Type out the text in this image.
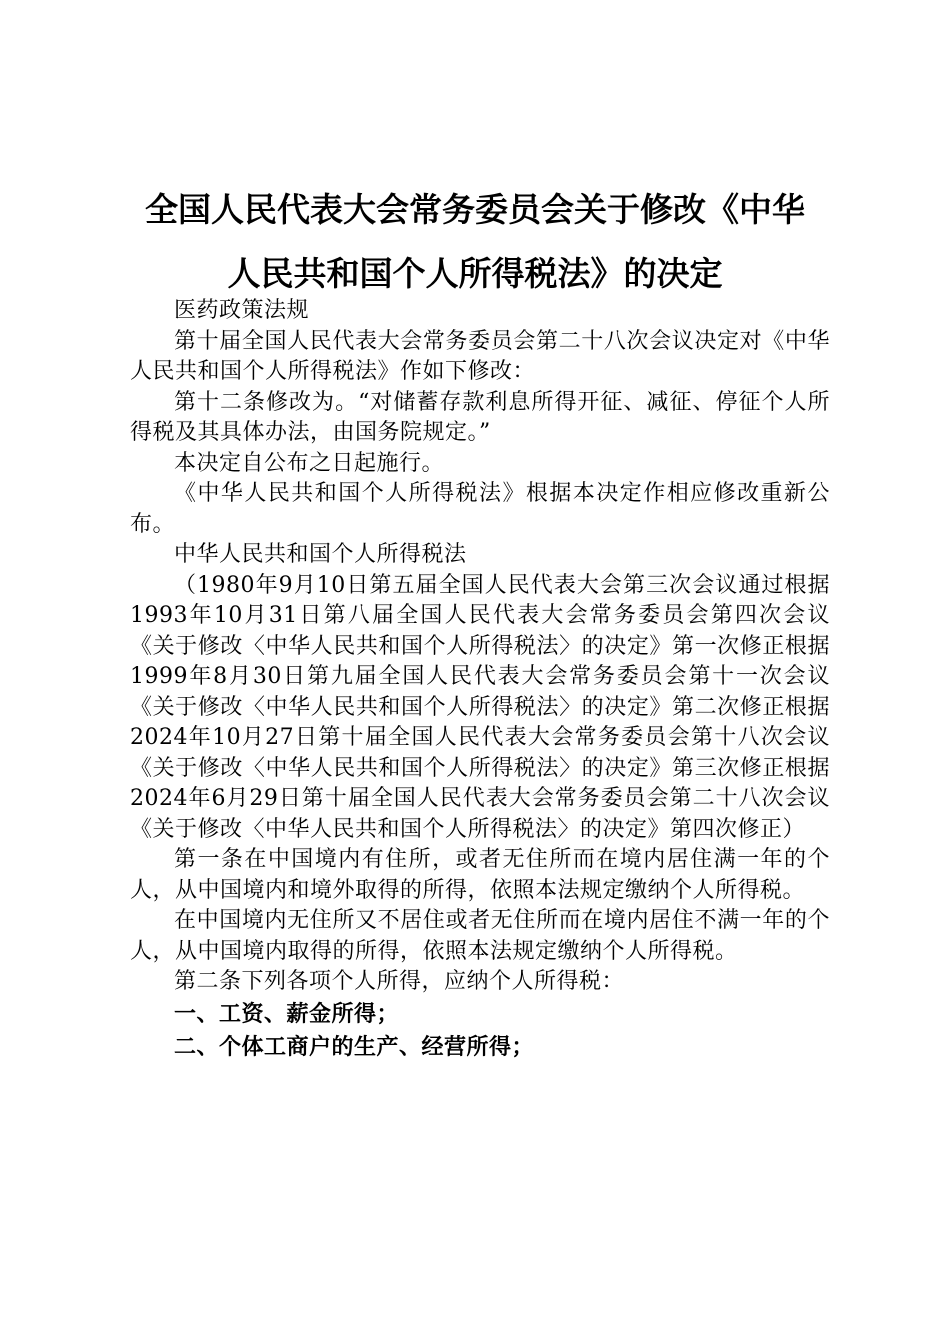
全国人民代表大会常务委员会关于修改《中华
人民共和国个人所得税法》的决定

医药政策法规

第十届全国人民代表大会常务委员会第二十八次会议决定对《中华人民共和国个人所得税法》作如下修改：

第十二条修改为。“对储蓄存款利息所得开征、减征、停征个人所得税及其具体办法，由国务院规定。”

本决定自公布之日起施行。

《中华人民共和国个人所得税法》根据本决定作相应修改重新公布。

中华人民共和国个人所得税法

（1980年9月10日第五届全国人民代表大会第三次会议通过根据1993年10月31日第八届全国人民代表大会常务委员会第四次会议《关于修改〈中华人民共和国个人所得税法〉的决定》第一次修正根据1999年8月30日第九届全国人民代表大会常务委员会第十一次会议《关于修改〈中华人民共和国个人所得税法〉的决定》第二次修正根据2024年10月27日第十届全国人民代表大会常务委员会第十八次会议《关于修改〈中华人民共和国个人所得税法〉的决定》第三次修正根据2024年6月29日第十届全国人民代表大会常务委员会第二十八次会议《关于修改〈中华人民共和国个人所得税法〉的决定》第四次修正）

第一条在中国境内有住所，或者无住所而在境内居住满一年的个人，从中国境内和境外取得的所得，依照本法规定缴纳个人所得税。

在中国境内无住所又不居住或者无住所而在境内居住不满一年的个人，从中国境内取得的所得，依照本法规定缴纳个人所得税。

第二条下列各项个人所得，应纳个人所得税：

一、工资、薪金所得；

二、个体工商户的生产、经营所得；
